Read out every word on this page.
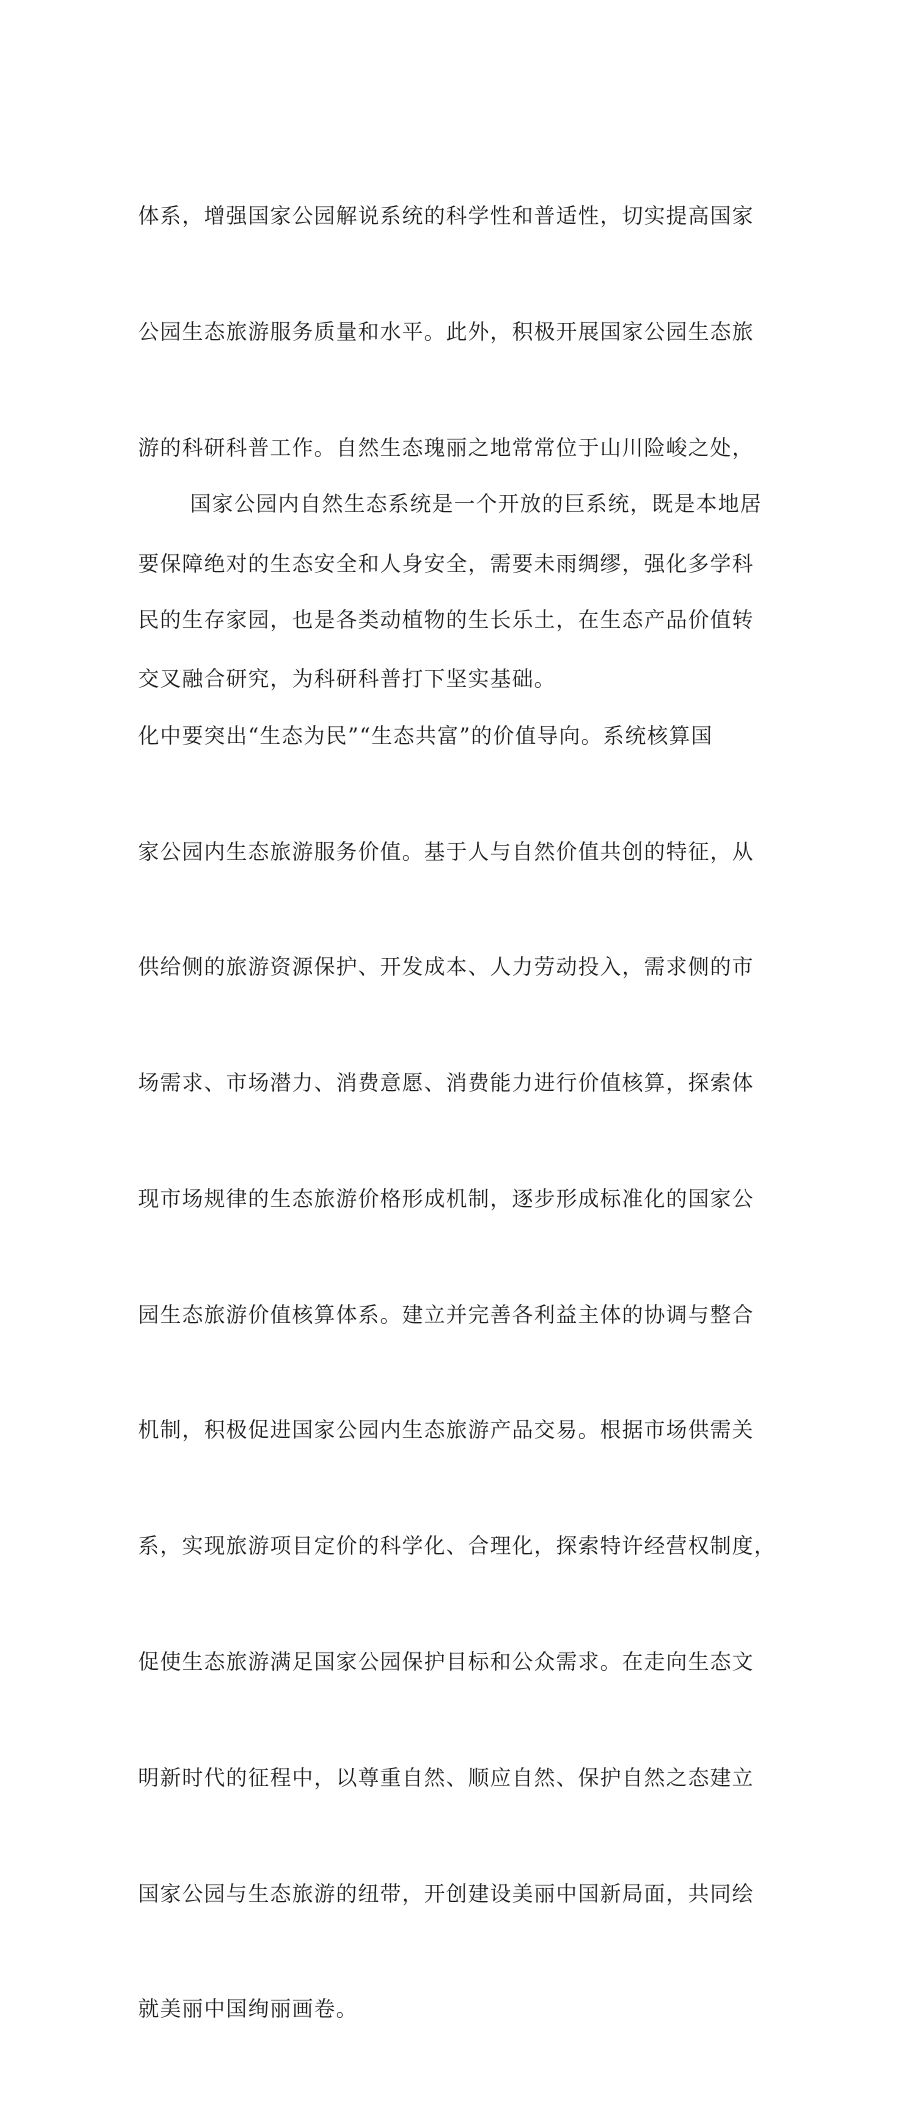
体系，增强国家公园解说系统的科学性和普适性，切实提高国家

公园生态旅游服务质量和水平。此外，积极开展国家公园生态旅

游的科研科普工作。自然生态瑰丽之地常常位于山川险峻之处，

要保障绝对的生态安全和人身安全，需要未雨绸缪，强化多学科

交叉融合研究，为科研科普打下坚实基础。

国家公园内自然生态系统是一个开放的巨系统，既是本地居

民的生存家园，也是各类动植物的生长乐土，在生态产品价值转

化中要突出“生态为民”“生态共富”的价值导向。系统核算国

家公园内生态旅游服务价值。基于人与自然价值共创的特征，从

供给侧的旅游资源保护、开发成本、人力劳动投入，需求侧的市

场需求、市场潜力、消费意愿、消费能力进行价值核算，探索体

现市场规律的生态旅游价格形成机制，逐步形成标准化的国家公

园生态旅游价值核算体系。建立并完善各利益主体的协调与整合

机制，积极促进国家公园内生态旅游产品交易。根据市场供需关

系，实现旅游项目定价的科学化、合理化，探索特许经营权制度，

促使生态旅游满足国家公园保护目标和公众需求。在走向生态文

明新时代的征程中，以尊重自然、顺应自然、保护自然之态建立

国家公园与生态旅游的纽带，开创建设美丽中国新局面，共同绘

就美丽中国绚丽画卷。
